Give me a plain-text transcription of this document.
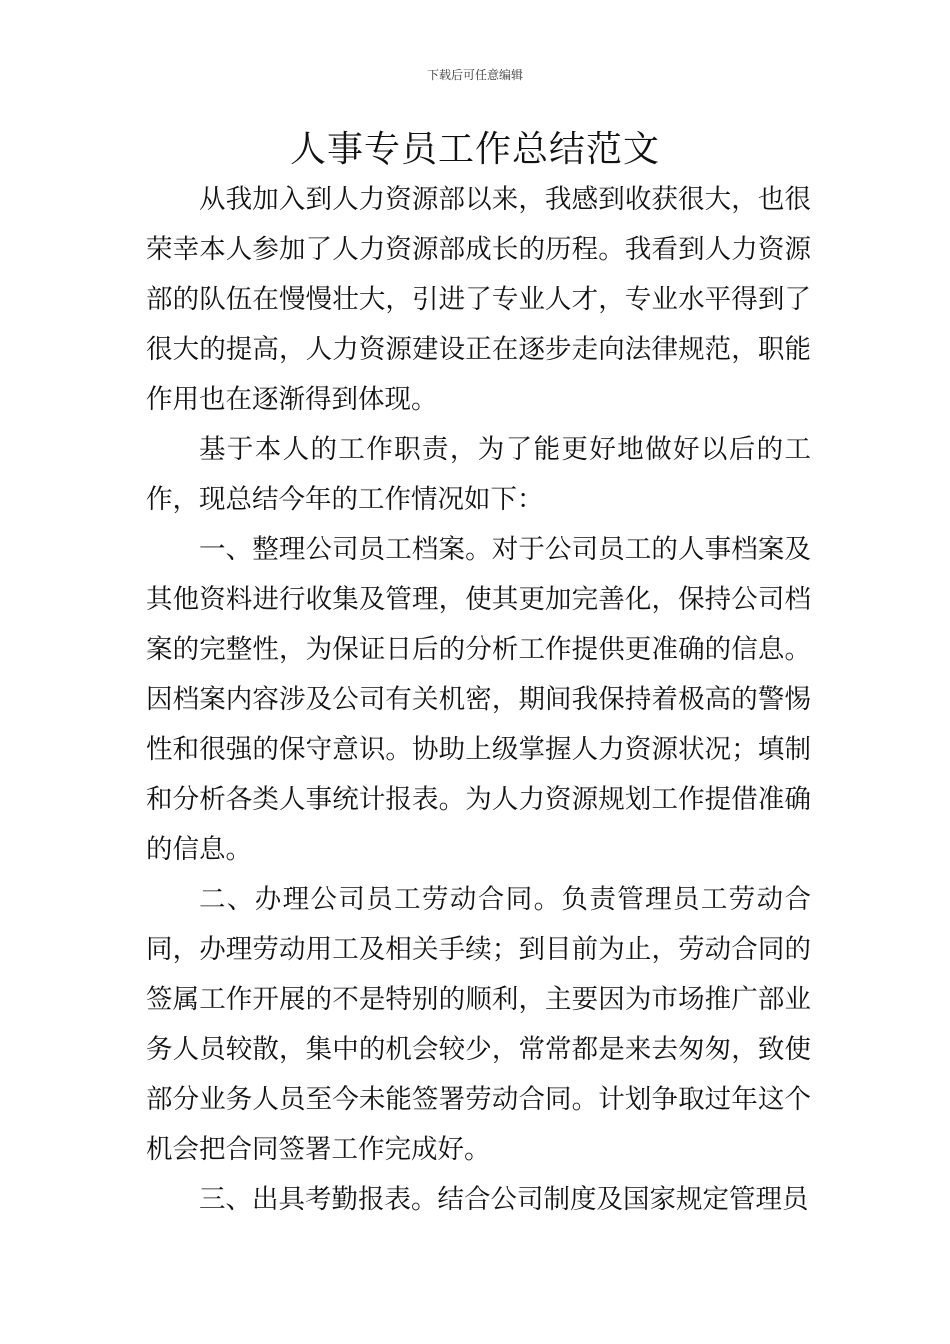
下载后可任意编辑
人事专员工作总结范文

从我加入到人力资源部以来，我感到收获很大，也很荣幸本人参加了人力资源部成长的历程。我看到人力资源部的队伍在慢慢壮大，引进了专业人才，专业水平得到了很大的提高，人力资源建设正在逐步走向法律规范，职能作用也在逐渐得到体现。

基于本人的工作职责，为了能更好地做好以后的工作，现总结今年的工作情况如下：

一、整理公司员工档案。对于公司员工的人事档案及其他资料进行收集及管理，使其更加完善化，保持公司档案的完整性，为保证日后的分析工作提供更准确的信息。因档案内容涉及公司有关机密，期间我保持着极高的警惕性和很强的保守意识。协助上级掌握人力资源状况；填制和分析各类人事统计报表。为人力资源规划工作提借准确的信息。

二、办理公司员工劳动合同。负责管理员工劳动合同，办理劳动用工及相关手续；到目前为止，劳动合同的签属工作开展的不是特别的顺利，主要因为市场推广部业务人员较散，集中的机会较少，常常都是来去匆匆，致使部分业务人员至今未能签署劳动合同。计划争取过年这个机会把合同签署工作完成好。

三、出具考勤报表。结合公司制度及国家规定管理员
